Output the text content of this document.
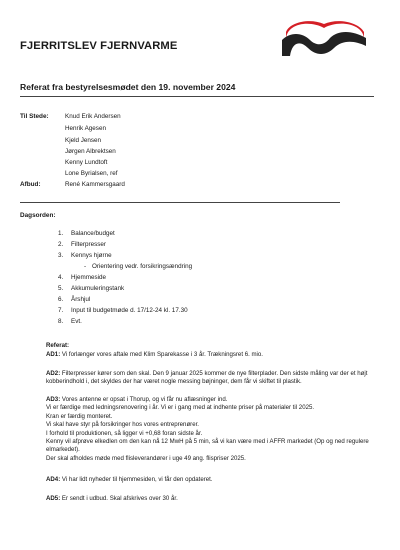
FJERRITSLEV FJERNVARME
Referat fra bestyrelsesmødet den 19. november 2024
Til Stede:	Knud Erik Andersen
Henrik Agesen
Kjeld Jensen
Jørgen Albrektsen
Kenny Lundtoft
Lone Byrialsen, ref
Afbud:	René Kammersgaard
Dagsorden:
1. Balance/budget
2. Filterpresser
3. Kennys hjørne
- Orientering vedr. forsikringsændring
4. Hjemmeside
5. Akkumuleringstank
6. Årshjul
7. Input til budgetmøde d. 17/12-24 kl. 17.30
8. Evt.

Referat:

AD1: Vi forlænger vores aftale med Klim Sparekasse i 3 år. Trækningsret 6. mio.

AD2: Filterpresser kører som den skal. Den 9 januar 2025 kommer de nye filterplader. Den sidste måling var der et højt kobberindhold i, det skyldes der har været nogle messing bøjninger, dem får vi skiftet til plastik.

AD3: Vores antenne er opsat i Thorup, og vi får nu aflæsninger ind.

Vi er færdige med ledningsrenovering i år. Vi er i gang med at indhente priser på materialer til 2025.

Kran er færdig monteret.

Vi skal have styr på forsikringer hos vores entreprenører.

I forhold til produktionen, så ligger vi +0,68 foran sidste år.

Kenny vil afprøve elkedlen om den kan nå 12 MwH på 5 min, så vi kan være med i AFFR markedet (Op og ned regulere elmarkedet).

Der skal afholdes møde med flisleverandører i uge 49 ang. flispriser 2025.

AD4: Vi har lidt nyheder til hjemmesiden, vi får den opdateret.

AD5: Er sendt i udbud. Skal afskrives over 30 år.
